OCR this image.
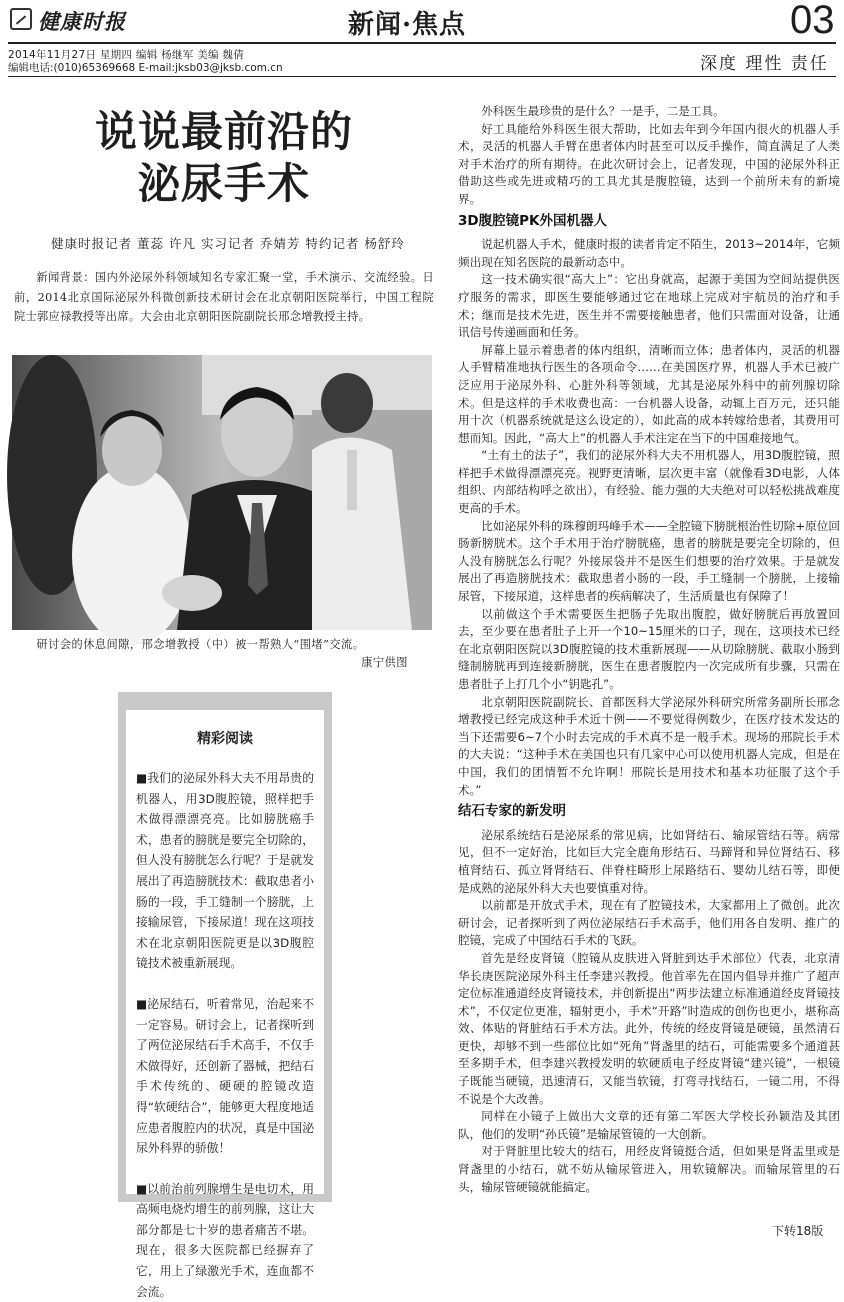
健康时报	新闻·焦点	03
2014年11月27日 星期四 编辑 杨继军 美编 魏倩
编辑电话:(010)65369668 E-mail:jksb03@jksb.com.cn	深度 理性 责任
说说最前沿的
泌尿手术
健康时报记者 董蕊 许凡 实习记者 乔婧芳 特约记者 杨舒玲
新闻背景：国内外泌尿外科领域知名专家汇聚一堂，手术演示、交流经验。日前，2014北京国际泌尿外科微创新技术研讨会在北京朝阳医院举行，中国工程院院士郭应禄教授等出席。大会由北京朝阳医院副院长邢念增教授主持。
研讨会的休息间隙，邢念增教授（中）被一帮熟人“围堵”交流。
康宁供图
精彩阅读

■我们的泌尿外科大夫不用昂贵的机器人，用3D腹腔镜，照样把手术做得漂漂亮亮。比如膀胱癌手术，患者的膀胱是要完全切除的，但人没有膀胱怎么行呢？于是就发展出了再造膀胱技术：截取患者小肠的一段，手工缝制一个膀胱，上接输尿管，下接尿道！现在这项技术在北京朝阳医院更是以3D腹腔镜技术被重新展现。

■泌尿结石，听着常见，治起来不一定容易。研讨会上，记者探听到了两位泌尿结石手术高手，不仅手术做得好，还创新了器械，把结石手术传统的、硬硬的腔镜改造得“软硬结合”，能够更大程度地适应患者腹腔内的状况，真是中国泌尿外科界的骄傲！

■以前治前列腺增生是电切术，用高频电烧灼增生的前列腺，这让大部分都是七十岁的患者痛苦不堪。现在，很多大医院都已经摒弃了它，用上了绿激光手术，连血都不会流。

外科医生最珍贵的是什么？一是手，二是工具。

好工具能给外科医生很大帮助，比如去年到今年国内很火的机器人手术，灵活的机器人手臂在患者体内时甚至可以反手操作，简直满足了人类对手术治疗的所有期待。在此次研讨会上，记者发现，中国的泌尿外科正借助这些或先进或精巧的工具尤其是腹腔镜，达到一个前所未有的新境界。

3D腹腔镜PK外国机器人

说起机器人手术，健康时报的读者肯定不陌生，2013~2014年，它频频出现在知名医院的最新动态中。

这一技术确实很“高大上”：它出身就高，起源于美国为空间站提供医疗服务的需求，即医生要能够通过它在地球上完成对宇航员的治疗和手术；继而是技术先进，医生并不需要接触患者，他们只需面对设备，让通讯信号传递画面和任务。

屏幕上显示着患者的体内组织，清晰而立体；患者体内，灵活的机器人手臂精准地执行医生的各项命令……在美国医疗界，机器人手术已被广泛应用于泌尿外科、心脏外科等领域，尤其是泌尿外科中的前列腺切除术。但是这样的手术收费也高：一台机器人设备，动辄上百万元，还只能用十次（机器系统就是这么设定的），如此高的成本转嫁给患者，其费用可想而知。因此，“高大上”的机器人手术注定在当下的中国难接地气。

“土有土的法子”，我们的泌尿外科大夫不用机器人，用3D腹腔镜，照样把手术做得漂漂亮亮。视野更清晰，层次更丰富（就像看3D电影，人体组织、内部结构呼之欲出），有经验、能力强的大夫绝对可以轻松挑战难度更高的手术。

比如泌尿外科的珠穆朗玛峰手术——全腔镜下膀胱根治性切除+原位回肠新膀胱术。这个手术用于治疗膀胱癌，患者的膀胱是要完全切除的，但人没有膀胱怎么行呢？外接尿袋并不是医生们想要的治疗效果。于是就发展出了再造膀胱技术：截取患者小肠的一段，手工缝制一个膀胱，上接输尿管，下接尿道，这样患者的疾病解决了，生活质量也有保障了！

以前做这个手术需要医生把肠子先取出腹腔，做好膀胱后再放置回去，至少要在患者肚子上开一个10~15厘米的口子，现在，这项技术已经在北京朝阳医院以3D腹腔镜的技术重新展现——从切除膀胱、截取小肠到缝制膀胱再到连接新膀胱，医生在患者腹腔内一次完成所有步骤，只需在患者肚子上打几个小“钥匙孔”。

北京朝阳医院副院长、首都医科大学泌尿外科研究所常务副所长邢念增教授已经完成这种手术近十例——不要觉得例数少，在医疗技术发达的当下还需要6~7个小时去完成的手术真不是一般手术。现场的邢院长手术的大夫说：“这种手术在美国也只有几家中心可以使用机器人完成，但是在中国，我们的团情暂不允许啊！邢院长是用技术和基本功征服了这个手术。”

结石专家的新发明

泌尿系统结石是泌尿系的常见病，比如肾结石、输尿管结石等。病常见，但不一定好治，比如巨大完全鹿角形结石、马蹄肾和异位肾结石、移植肾结石、孤立肾肾结石、伴脊柱畸形上尿路结石、婴幼儿结石等，即便是成熟的泌尿外科大夫也要慎重对待。

以前都是开放式手术，现在有了腔镜技术，大家都用上了微创。此次研讨会，记者探听到了两位泌尿结石手术高手，他们用各自发明、推广的腔镜，完成了中国结石手术的飞跃。

首先是经皮肾镜（腔镜从皮肤进入肾脏到达手术部位）代表，北京清华长庚医院泌尿外科主任李建兴教授。他首率先在国内倡导并推广了超声定位标准通道经皮肾镜技术，并创新提出“两步法建立标准通道经皮肾镜技术”，不仅定位更准，辐射更小，手术“开路”时造成的创伤也更小，堪称高效、体贴的肾脏结石手术方法。此外，传统的经皮肾镜是硬镜，虽然清石更快，却够不到一些部位比如“死角”肾盏里的结石，可能需要多个通道甚至多期手术，但李建兴教授发明的软硬质电子经皮肾镜“建兴镜”，一根镜子既能当硬镜，迅速清石，又能当软镜，打弯寻找结石，一镜二用，不得不说是个大改善。

同样在小镜子上做出大文章的还有第二军医大学校长孙颖浩及其团队，他们的发明“孙氏镜”是输尿管镜的一大创新。

对于肾脏里比较大的结石，用经皮肾镜挺合适，但如果是肾盂里或是肾盏里的小结石，就不妨从输尿管进入，用软镜解决。而输尿管里的石头，输尿管硬镜就能搞定。

下转18版
